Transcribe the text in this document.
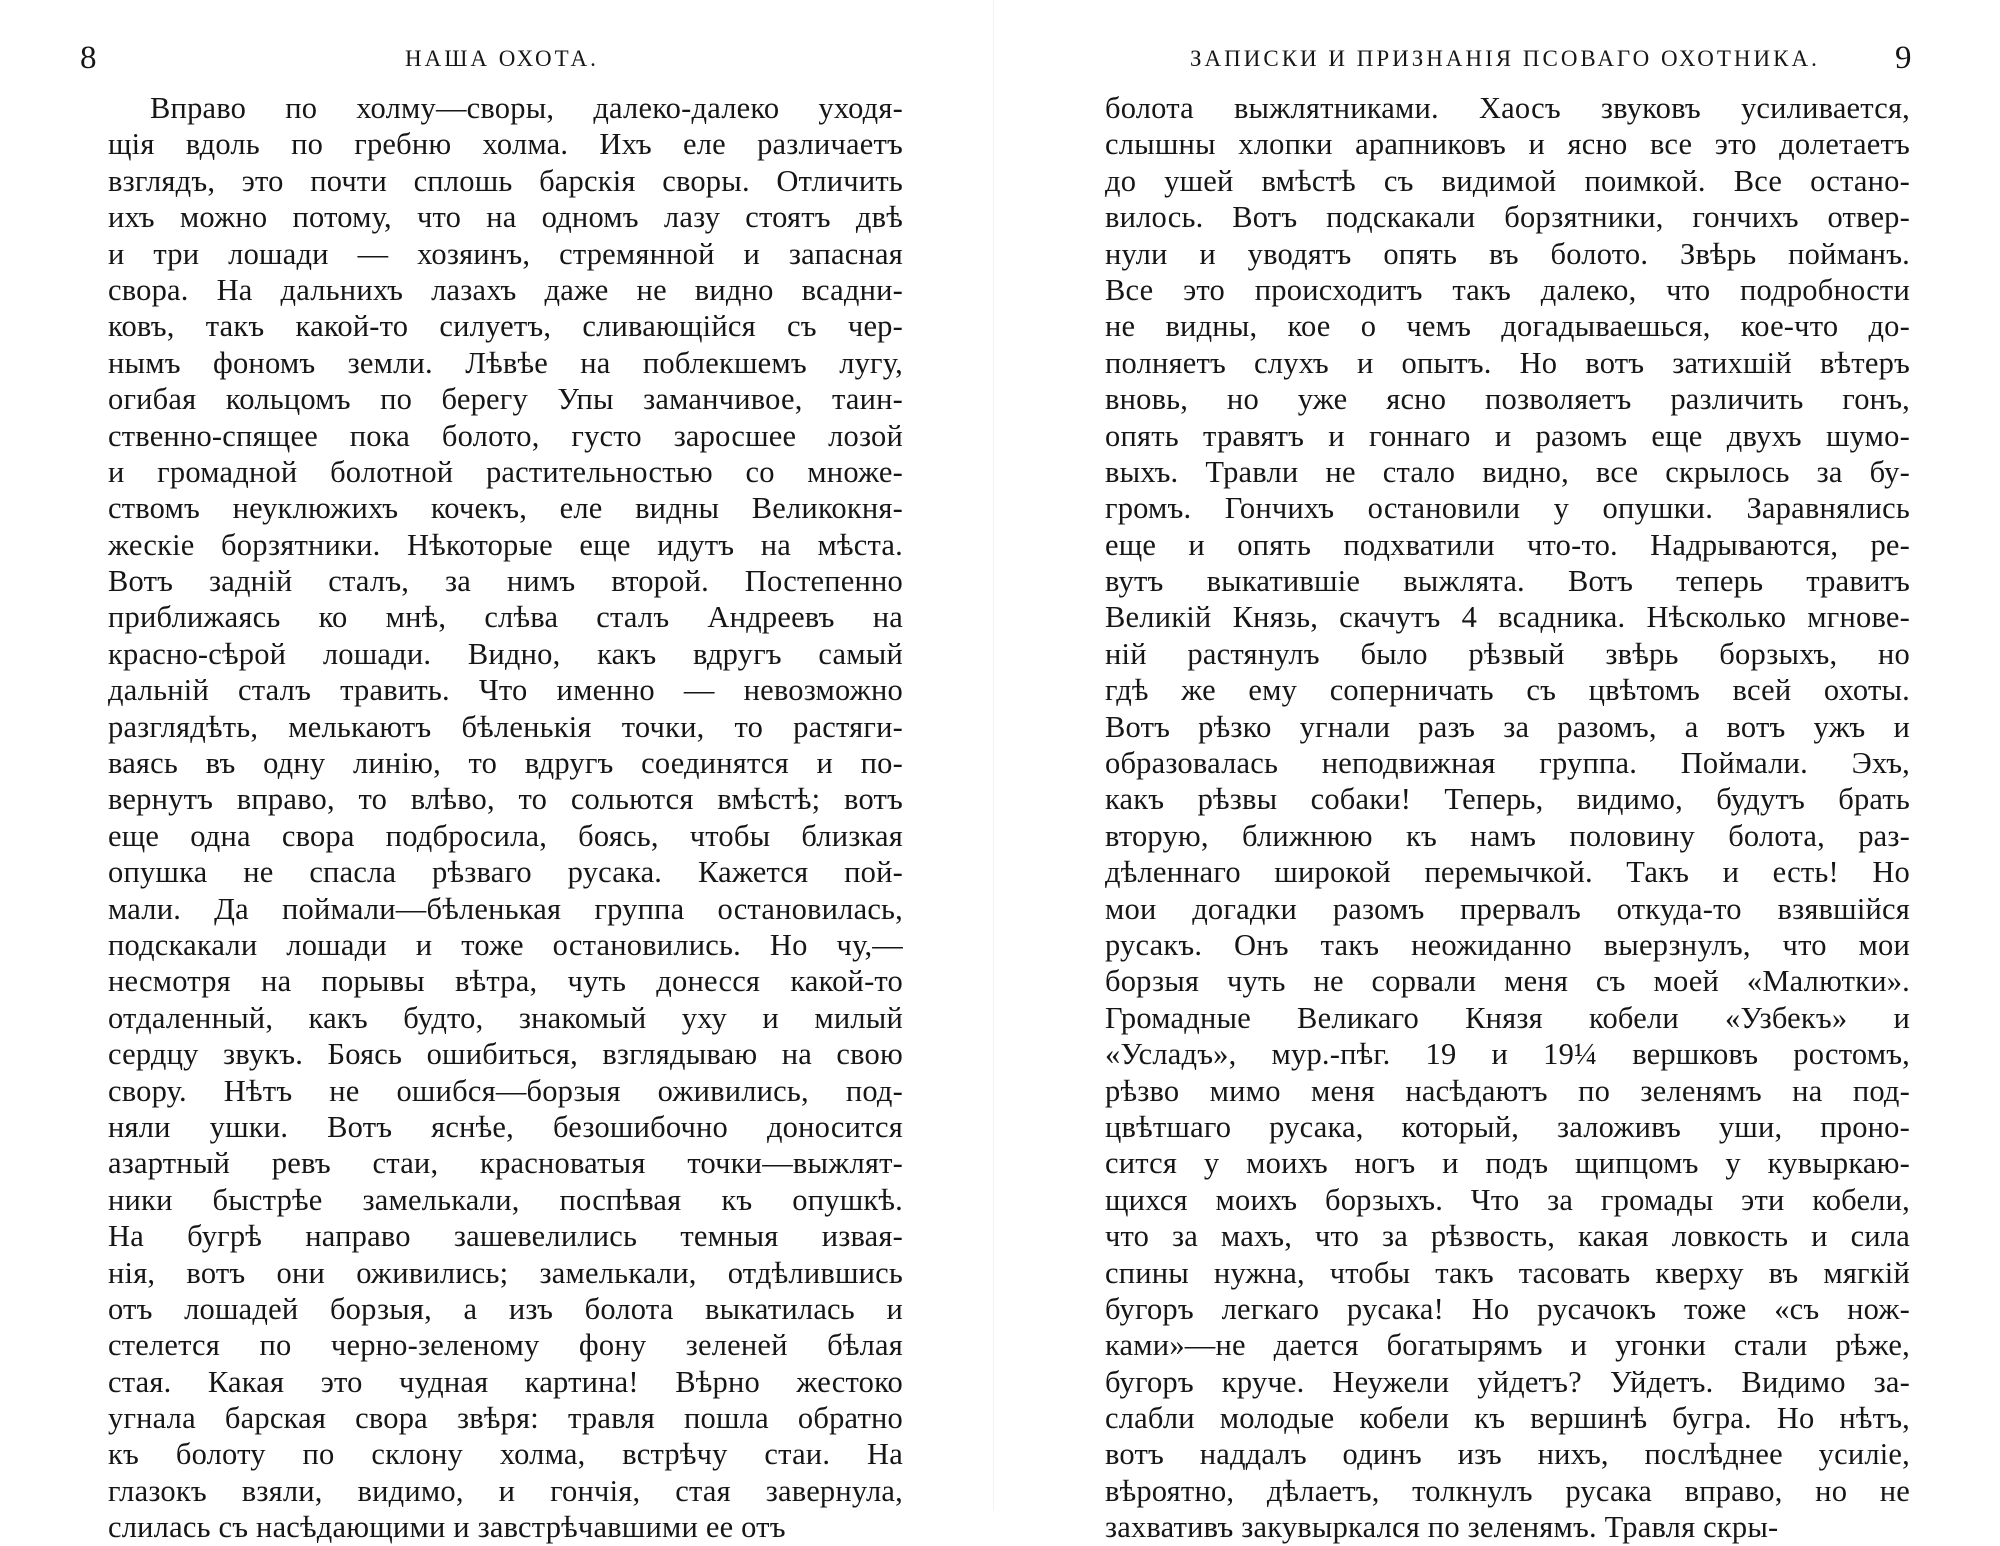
8	НАША ОХОТА.
Вправо по холму—своры, далеко-далеко уходя-
щія вдоль по гребню холма. Ихъ еле различаетъ
взглядъ, это почти сплошь барскія своры. Отличить
ихъ можно потому, что на одномъ лазу стоятъ двѣ
и три лошади — хозяинъ, стремянной и запасная
свора. На дальнихъ лазахъ даже не видно всадни-
ковъ, такъ какой-то силуетъ, сливающійся съ чер-
нымъ фономъ земли. Лѣвѣе на поблекшемъ лугу,
огибая кольцомъ по берегу Упы заманчивое, таин-
ственно-спящее пока болото, густо заросшее лозой
и громадной болотной растительностью со множе-
ствомъ неуклюжихъ кочекъ, еле видны Великокня-
жескіе борзятники. Нѣкоторые еще идутъ на мѣста.
Вотъ задній сталъ, за нимъ второй. Постепенно
приближаясь ко мнѣ, слѣва сталъ Андреевъ на
красно-сѣрой лошади. Видно, какъ вдругъ самый
дальній сталъ травить. Что именно — невозможно
разглядѣть, мелькаютъ бѣленькія точки, то растяги-
ваясь въ одну линію, то вдругъ соединятся и по-
вернутъ вправо, то влѣво, то сольются вмѣстѣ; вотъ
еще одна свора подбросила, боясь, чтобы близкая
опушка не спасла рѣзваго русака. Кажется пой-
мали. Да поймали—бѣленькая группа остановилась,
подскакали лошади и тоже остановились. Но чу,—
несмотря на порывы вѣтра, чуть донесся какой-то
отдаленный, какъ будто, знакомый уху и милый
сердцу звукъ. Боясь ошибиться, взглядываю на свою
свору. Нѣтъ не ошибся—борзыя оживились, под-
няли ушки. Вотъ яснѣе, безошибочно доносится
азартный ревъ стаи, красноватыя точки—выжлят-
ники быстрѣе замелькали, поспѣвая къ опушкѣ.
На бугрѣ направо зашевелились темныя извая-
нія, вотъ они оживились; замелькали, отдѣлившись
отъ лошадей борзыя, а изъ болота выкатилась и
стелется по черно-зеленому фону зеленей бѣлая
стая. Какая это чудная картина! Вѣрно жестоко
угнала барская свора звѣря: травля пошла обратно
къ болоту по склону холма, встрѣчу стаи. На
глазокъ взяли, видимо, и гончія, стая завернула,
слилась съ насѣдающими и завстрѣчавшими ее отъ
ЗАПИСКИ И ПРИЗНАНІЯ ПСОВАГО ОХОТНИКА. 9
болота выжлятниками. Хаосъ звуковъ усиливается,
слышны хлопки арапниковъ и ясно все это долетаетъ
до ушей вмѣстѣ съ видимой поимкой. Все остано-
вилось. Вотъ подскакали борзятники, гончихъ отвер-
нули и уводятъ опять въ болото. Звѣрь пойманъ.
Все это происходитъ такъ далеко, что подробности
не видны, кое о чемъ догадываешься, кое-что до-
полняетъ слухъ и опытъ. Но вотъ затихшій вѣтеръ
вновь, но уже ясно позволяетъ различить гонъ,
опять травятъ и гоннаго и разомъ еще двухъ шумо-
выхъ. Травли не стало видно, все скрылось за бу-
громъ. Гончихъ остановили у опушки. Заравнялись
еще и опять подхватили что-то. Надрываются, ре-
вутъ выкатившіе выжлята. Вотъ теперь травитъ
Великій Князь, скачутъ 4 всадника. Нѣсколько мгнове-
ній растянулъ было рѣзвый звѣрь борзыхъ, но
гдѣ же ему соперничать съ цвѣтомъ всей охоты.
Вотъ рѣзко угнали разъ за разомъ, а вотъ ужъ и
образовалась неподвижная группа. Поймали. Эхъ,
какъ рѣзвы собаки! Теперь, видимо, будутъ брать
вторую, ближнюю къ намъ половину болота, раз-
дѣленнаго широкой перемычкой. Такъ и есть! Но
мои догадки разомъ прервалъ откуда-то взявшійся
русакъ. Онъ такъ неожиданно выерзнулъ, что мои
борзыя чуть не сорвали меня съ моей «Малютки».
Громадные Великаго Князя кобели «Узбекъ» и
«Усладъ», мур.-пѣг. 19 и 19¼ вершковъ ростомъ,
рѣзво мимо меня насѣдаютъ по зеленямъ на под-
цвѣтшаго русака, который, заложивъ уши, проно-
сится у моихъ ногъ и подъ щипцомъ у кувыркаю-
щихся моихъ борзыхъ. Что за громады эти кобели,
что за махъ, что за рѣзвость, какая ловкость и сила
спины нужна, чтобы такъ тасовать кверху въ мягкій
бугоръ легкаго русака! Но русачокъ тоже «съ нож-
ками»—не дается богатырямъ и угонки стали рѣже,
бугоръ круче. Неужели уйдетъ? Уйдетъ. Видимо за-
слабли молодые кобели къ вершинѣ бугра. Но нѣтъ,
вотъ наддалъ одинъ изъ нихъ, послѣднее усиліе,
вѣроятно, дѣлаетъ, толкнулъ русака вправо, но не
захвативъ закувыркался по зеленямъ. Травля скры-
